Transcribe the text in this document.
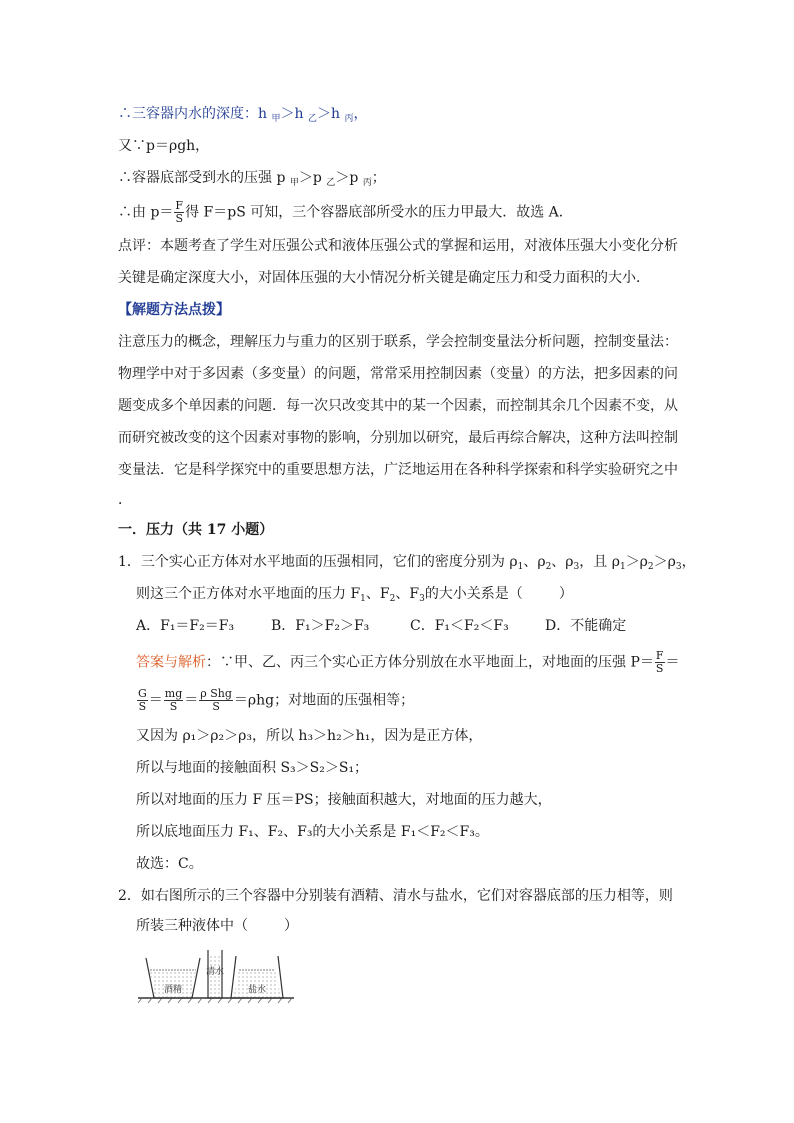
∴三容器内水的深度：h $_甲$＞h $_乙$＞h $_丙$，
又∵p＝ρgh，
∴容器底部受到水的压强 p $_甲$＞p $_乙$＞p $_丙$；
∴由 $p= \frac{F}{S}$ 得 F＝pS 可知，三个容器底部所受水的压力甲最大．故选 A．
点评：本题考查了学生对压强公式和液体压强公式的掌握和运用，对液体压强大小变化分析
关键是确定深度大小，对固体压强的大小情况分析关键是确定压力和受力面积的大小．
【解题方法点拨】
注意压力的概念，理解压力与重力的区别于联系，学会控制变量法分析问题，控制变量法：
物理学中对于多因素（多变量）的问题，常常采用控制因素（变量）的方法，把多因素的问
题变成多个单因素的问题．每一次只改变其中的某一个因素，而控制其余几个因素不变，从
而研究被改变的这个因素对事物的影响，分别加以研究，最后再综合解决，这种方法叫控制
变量法．它是科学探究中的重要思想方法，广泛地运用在各种科学探索和科学实验研究之中
．
一．压力（共 17 小题）
1．三个实心正方体对水平地面的压强相同，它们的密度分别为 $\rho_1$、$\rho_2$、$\rho_3$，且 $\rho_1>\rho_2>\rho_3$，
则这三个正方体对水平地面的压力 $F_1$、$F_2$、$F_3$的大小关系是（	）
A．F₁＝F₂＝F₃	B．F₁＞F₂＞F₃	C．F₁＜F₂＜F₃	D．不能确定
答案与解析：∵甲、乙、丙三个实心正方体分别放在水平地面上，对地面的压强 $P= \frac{F}{S}$ ＝
$\frac{G}{S} = \frac{mg}{S} = \frac{\text{ρ Shg}}{S} =\rho hg$；对地面的压强相等；
又因为 ρ₁＞ρ₂＞ρ₃，所以 h₃＞h₂＞h₁，因为是正方体，
所以与地面的接触面积 S₃＞S₂＞S₁；
所以对地面的压力 F 压＝PS；接触面积越大，对地面的压力越大，
所以底地面压力 F₁、F₂、F₃的大小关系是 F₁＜F₂＜F₃。
故选：C。
2．如右图所示的三个容器中分别装有酒精、清水与盐水，它们对容器底部的压力相等，则
所装三种液体中（	）
酒精
清水
盐水
